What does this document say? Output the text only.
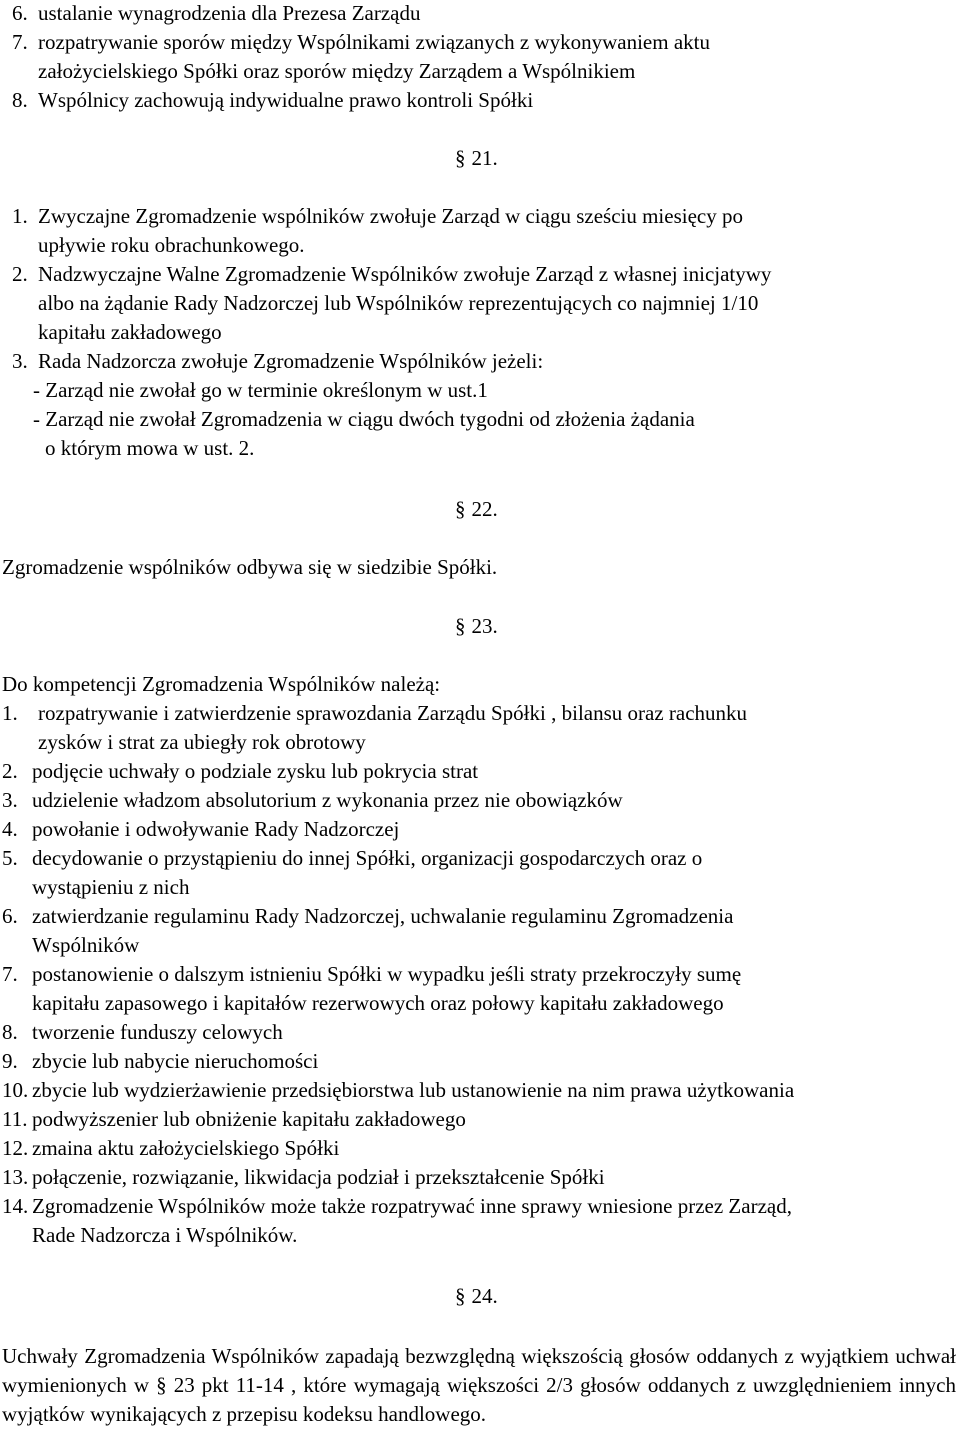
6. ustalanie wynagrodzenia dla Prezesa Zarządu
7. rozpatrywanie sporów między Wspólnikami związanych z wykonywaniem aktu
założycielskiego Spółki oraz sporów między Zarządem a Wspólnikiem
8. Wspólnicy zachowują indywidualne prawo kontroli Spółki
§ 21.
1. Zwyczajne Zgromadzenie wspólników zwołuje Zarząd w ciągu sześciu miesięcy po
upływie roku obrachunkowego.
2. Nadzwyczajne Walne Zgromadzenie Wspólników zwołuje Zarząd z własnej inicjatywy
albo na żądanie Rady Nadzorczej lub Wspólników reprezentujących co najmniej 1/10
kapitału zakładowego
3. Rada Nadzorcza zwołuje Zgromadzenie Wspólników jeżeli:
- Zarząd nie zwołał go w terminie określonym w ust.1
- Zarząd nie zwołał Zgromadzenia w ciągu dwóch tygodni od złożenia żądania
o którym mowa w ust. 2.
§ 22.
Zgromadzenie wspólników odbywa się w siedzibie Spółki.
§ 23.
Do kompetencji Zgromadzenia Wspólników należą:
1. rozpatrywanie i zatwierdzenie sprawozdania Zarządu Spółki , bilansu oraz rachunku
zysków i strat za ubiegły rok obrotowy
2. podjęcie uchwały o podziale zysku lub pokrycia strat
3. udzielenie władzom absolutorium z wykonania przez nie obowiązków
4. powołanie i odwoływanie Rady Nadzorczej
5. decydowanie o przystąpieniu do innej Spółki, organizacji gospodarczych oraz o
wystąpieniu z nich
6. zatwierdzanie regulaminu Rady Nadzorczej, uchwalanie regulaminu Zgromadzenia
Wspólników
7. postanowienie o dalszym istnieniu Spółki w wypadku jeśli straty przekroczyły sumę
kapitału zapasowego i kapitałów rezerwowych oraz połowy kapitału zakładowego
8. tworzenie funduszy celowych
9. zbycie lub nabycie nieruchomości
10. zbycie lub wydzierżawienie przedsiębiorstwa lub ustanowienie na nim prawa użytkowania
11. podwyższenier lub obniżenie kapitału zakładowego
12. zmaina aktu założycielskiego Spółki
13. połączenie, rozwiązanie, likwidacja podział i przekształcenie Spółki
14. Zgromadzenie Wspólników może także rozpatrywać inne sprawy wniesione przez Zarząd,
Rade Nadzorcza i Wspólników.
§ 24.
Uchwały Zgromadzenia Wspólników zapadają bezwzględną większością głosów oddanych z wyjątkiem uchwał wymienionych w § 23 pkt 11-14 , które wymagają większości 2/3 głosów oddanych z uwzględnieniem innych wyjątków wynikających z przepisu kodeksu handlowego.
